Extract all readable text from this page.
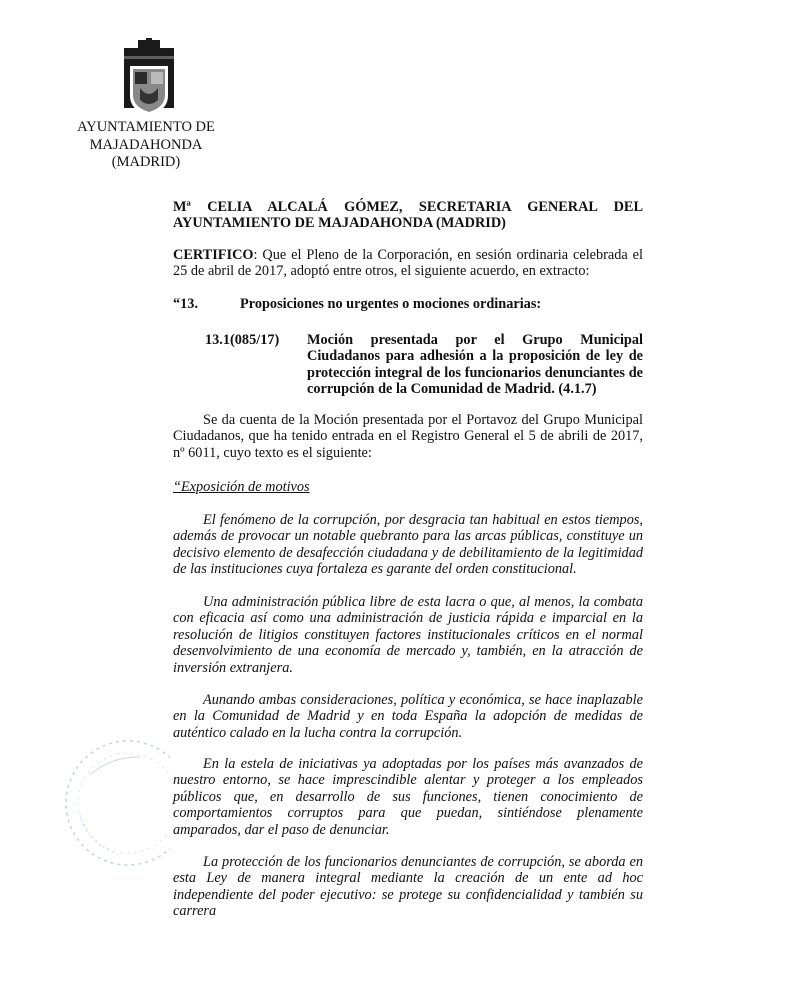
AYUNTAMIENTO DE
MAJADAHONDA
(MADRID)
Mª CELIA ALCALÁ GÓMEZ, SECRETARIA GENERAL DEL AYUNTAMIENTO DE MAJADAHONDA (MADRID)
CERTIFICO: Que el Pleno de la Corporación, en sesión ordinaria celebrada el 25 de abril de 2017, adoptó entre otros, el siguiente acuerdo, en extracto:
“13.	Proposiciones no urgentes o mociones ordinarias:
13.1(085/17) Moción presentada por el Grupo Municipal Ciudadanos para adhesión a la proposición de ley de protección integral de los funcionarios denunciantes de corrupción de la Comunidad de Madrid. (4.1.7)
Se da cuenta de la Moción presentada por el Portavoz del Grupo Municipal Ciudadanos, que ha tenido entrada en el Registro General el 5 de abrili de 2017, nº 6011, cuyo texto es el siguiente:
“Exposición de motivos
El fenómeno de la corrupción, por desgracia tan habitual en estos tiempos, además de provocar un notable quebranto para las arcas públicas, constituye un decisivo elemento de desafección ciudadana y de debilitamiento de la legitimidad de las instituciones cuya fortaleza es garante del orden constitucional.
Una administración pública libre de esta lacra o que, al menos, la combata con eficacia así como una administración de justicia rápida e imparcial en la resolución de litigios constituyen factores institucionales críticos en el normal desenvolvimiento de una economía de mercado y, también, en la atracción de inversión extranjera.
Aunando ambas consideraciones, política y económica, se hace inaplazable en la Comunidad de Madrid y en toda España la adopción de medidas de auténtico calado en la lucha contra la corrupción.
En la estela de iniciativas ya adoptadas por los países más avanzados de nuestro entorno, se hace imprescindible alentar y proteger a los empleados públicos que, en desarrollo de sus funciones, tienen conocimiento de comportamientos corruptos para que puedan, sintiéndose plenamente amparados, dar el paso de denunciar.
La protección de los funcionarios denunciantes de corrupción, se aborda en esta Ley de manera integral mediante la creación de un ente ad hoc independiente del poder ejecutivo: se protege su confidencialidad y también su carrera
